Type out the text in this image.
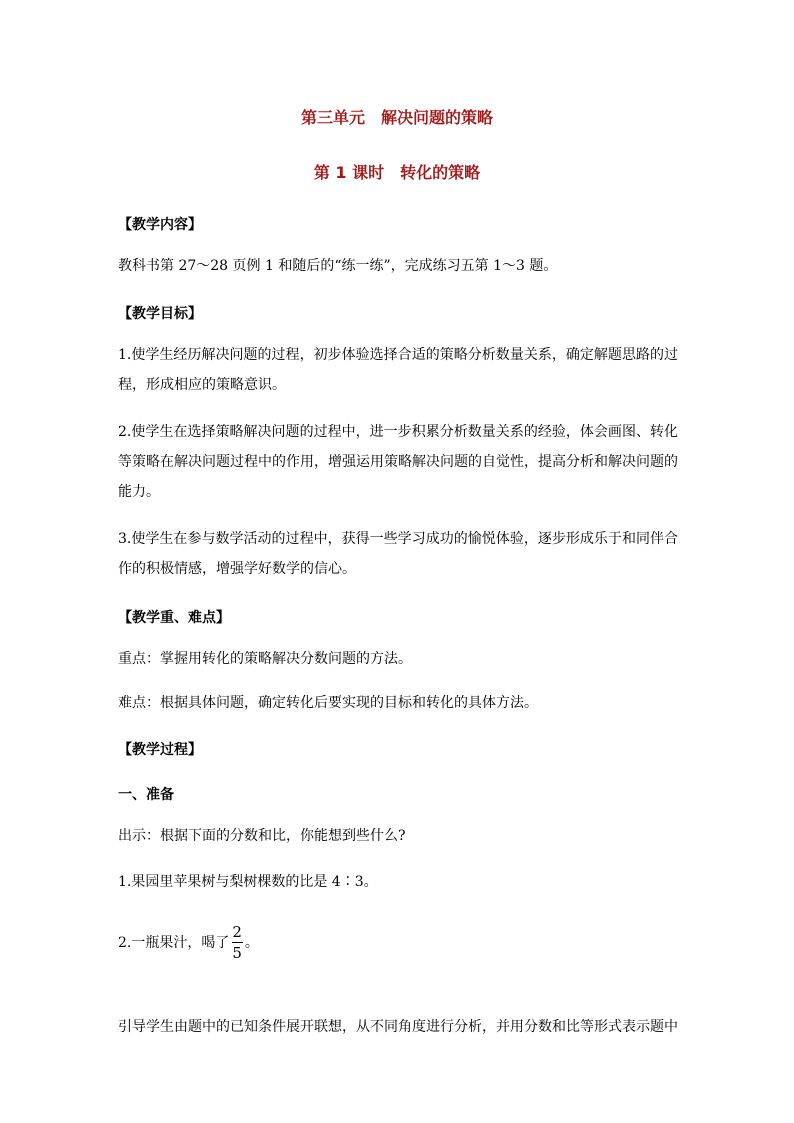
第三单元　解决问题的策略
第 1 课时　转化的策略
【教学内容】
教科书第 27～28 页例 1 和随后的“练一练”，完成练习五第 1～3 题。
【教学目标】
1.使学生经历解决问题的过程，初步体验选择合适的策略分析数量关系，确定解题思路的过程，形成相应的策略意识。
2.使学生在选择策略解决问题的过程中，进一步积累分析数量关系的经验，体会画图、转化等策略在解决问题过程中的作用，增强运用策略解决问题的自觉性，提高分析和解决问题的能力。
3.使学生在参与数学活动的过程中，获得一些学习成功的愉悦体验，逐步形成乐于和同伴合作的积极情感，增强学好数学的信心。
【教学重、难点】
重点：掌握用转化的策略解决分数问题的方法。
难点：根据具体问题，确定转化后要实现的目标和转化的具体方法。
【教学过程】
一、准备
出示：根据下面的分数和比，你能想到些什么?
1.果园里苹果树与梨树棵数的比是 4∶3。
2.一瓶果汁，喝了 $\frac{2}{5}$ 。
引导学生由题中的已知条件展开联想，从不同角度进行分析，并用分数和比等形式表示题中
